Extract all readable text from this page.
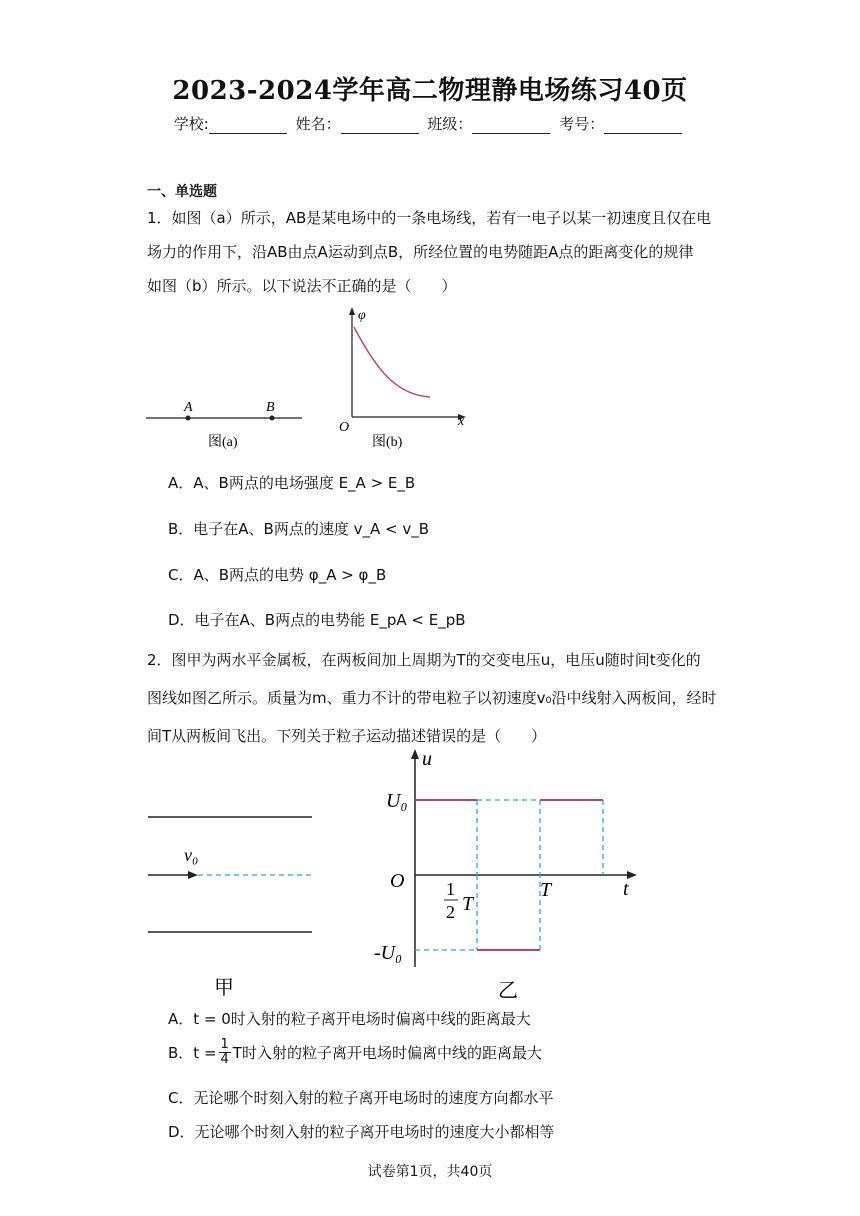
2023-2024学年高二物理静电场练习40页
学校:	姓名：	班级：	考号：
一、单选题
1．如图（a）所示，AB是某电场中的一条电场线，若有一电子以某一初速度且仅在电
场力的作用下，沿AB由点A运动到点B，所经位置的电势随距A点的距离变化的规律
如图（b）所示。以下说法不正确的是（　　）
A	B
图(a)
φ
x
O
图(b)
A．A、B两点的电场强度 E_A > E_B
B．电子在A、B两点的速度 v_A < v_B
C．A、B两点的电势 φ_A > φ_B
D．电子在A、B两点的电势能 E_pA < E_pB
2．图甲为两水平金属板，在两板间加上周期为T的交变电压u，电压u随时间t变化的
图线如图乙所示。质量为m、重力不计的带电粒子以初速度v₀沿中线射入两板间，经时
间T从两板间飞出。下列关于粒子运动描述错误的是（　　）
v₀
甲
u
t
O
U₀
-U₀
1
2 T
T
乙
A．t = 0时入射的粒子离开电场时偏离中线的距离最大
B．$t = \frac{1}{4}$ T时入射的粒子离开电场时偏离中线的距离最大
C．无论哪个时刻入射的粒子离开电场时的速度方向都水平
D．无论哪个时刻入射的粒子离开电场时的速度大小都相等
试卷第1页，共40页
